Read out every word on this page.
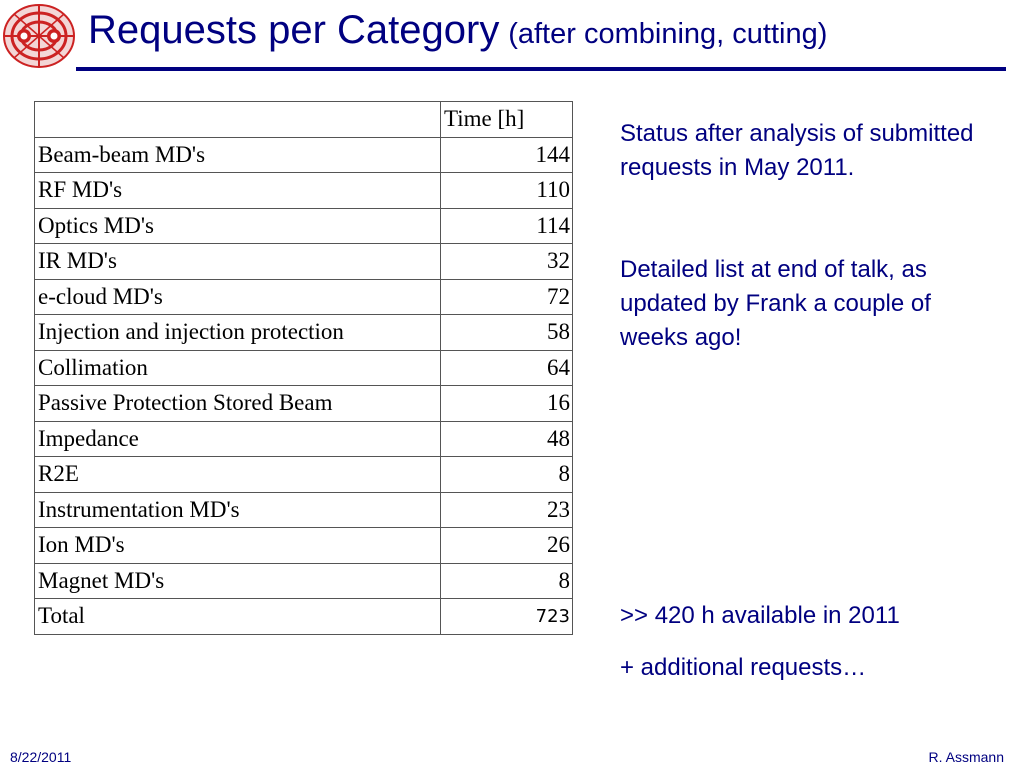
Requests per Category (after combining, cutting)
	Time [h]
Beam-beam MD's	144
RF MD's	110
Optics MD's	114
IR MD's	32
e-cloud MD's	72
Injection and injection protection	58
Collimation	64
Passive Protection Stored Beam	16
Impedance	48
R2E	8
Instrumentation MD's	23
Ion MD's	26
Magnet MD's	8
Total	723

Status after analysis of submitted requests in May 2011.

Detailed list at end of talk, as updated by Frank a couple of weeks ago!

>> 420 h available in 2011

+ additional requests…

8/22/2011	R. Assmann
